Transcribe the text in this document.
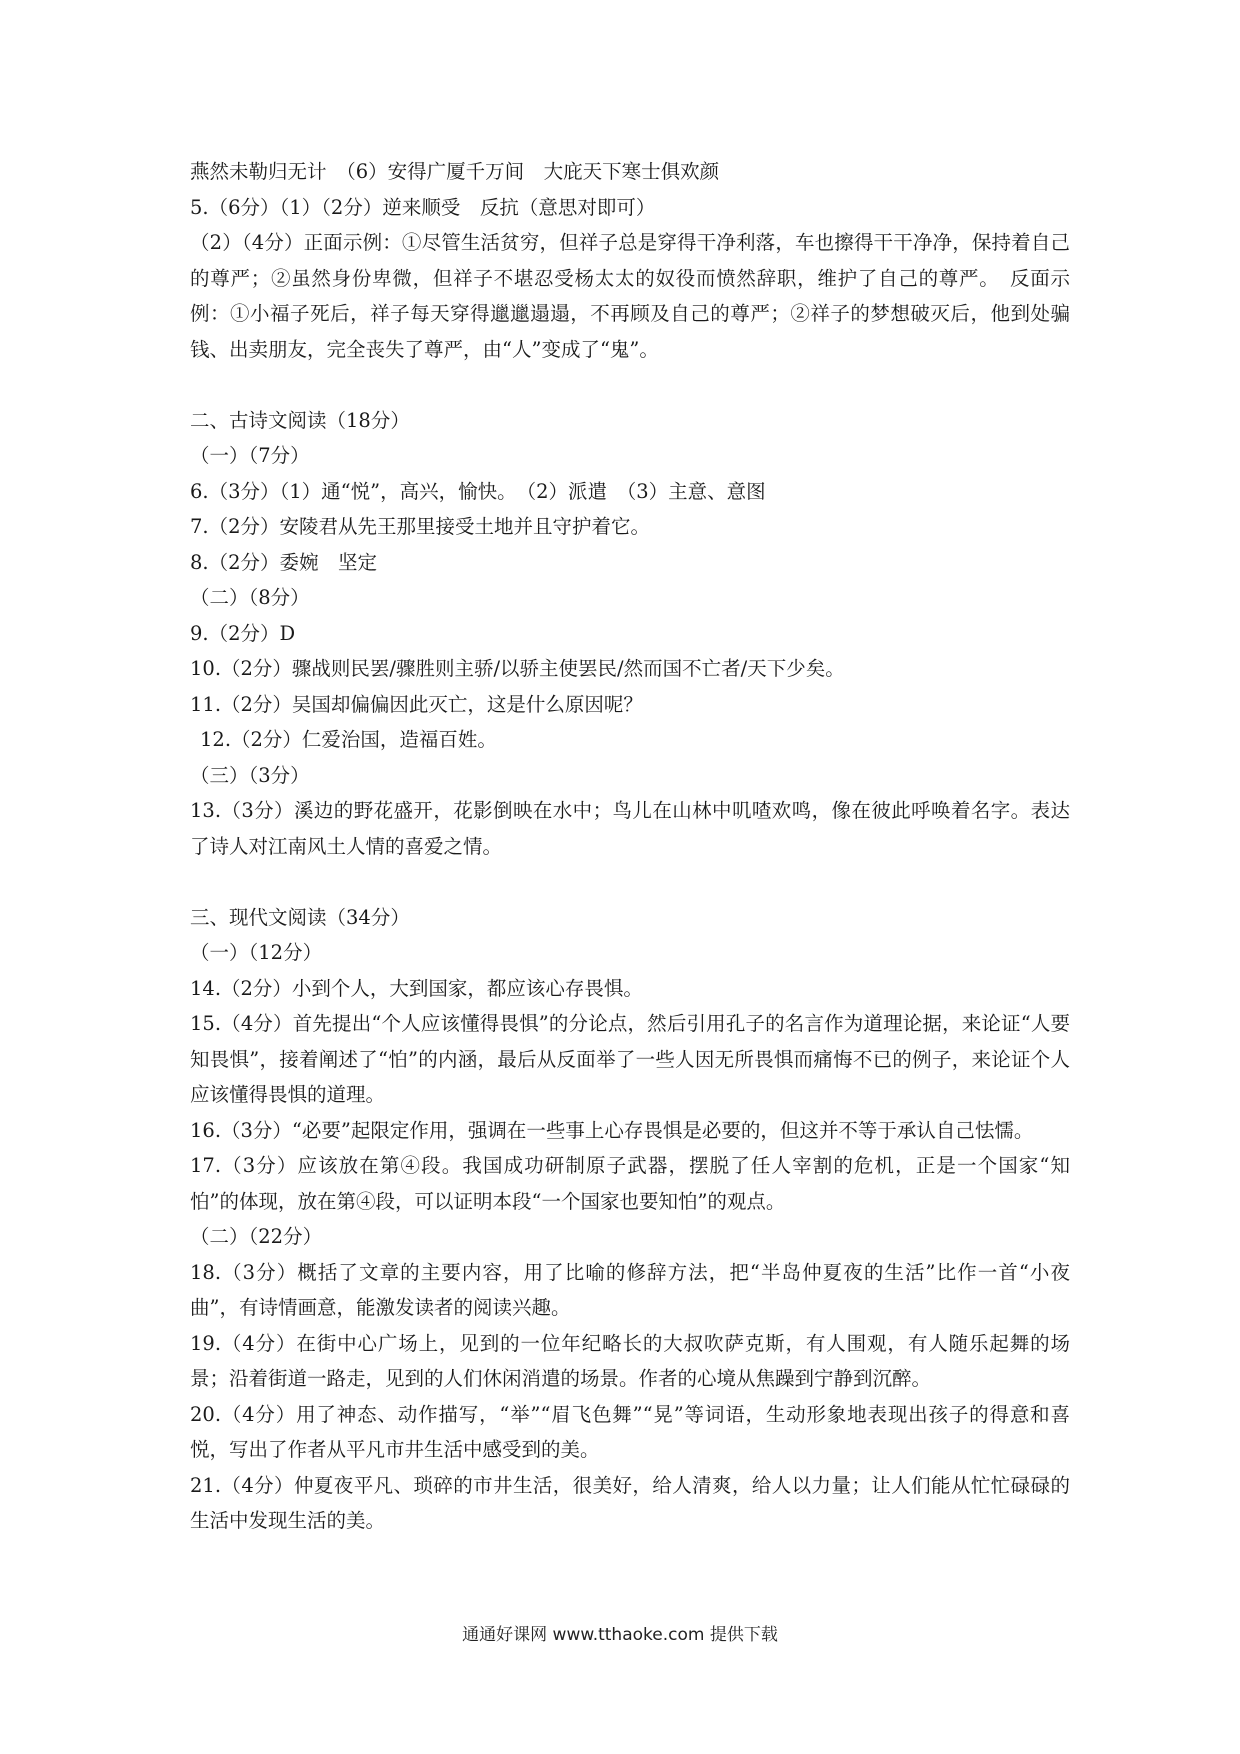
燕然未勒归无计　（6）安得广厦千万间　大庇天下寒士俱欢颜
5.（6分）（1）（2分）逆来顺受　反抗（意思对即可）
（2）（4分）正面示例：①尽管生活贫穷，但祥子总是穿得干净利落，车也擦得干干净净，保持着自己的尊严；②虽然身份卑微，但祥子不堪忍受杨太太的奴役而愤然辞职，维护了自己的尊严。　反面示例：①小福子死后，祥子每天穿得邋邋遢遢，不再顾及自己的尊严；②祥子的梦想破灭后，他到处骗钱、出卖朋友，完全丧失了尊严，由“人”变成了“鬼”。
二、古诗文阅读（18分）
（一）（7分）
6.（3分）（1）通“悦”，高兴，愉快。　（2）派遣　（3）主意、意图
7.（2分）安陵君从先王那里接受土地并且守护着它。
8.（2分）委婉　坚定
（二）（8分）
9.（2分）D
10.（2分）骤战则民罢/骤胜则主骄/以骄主使罢民/然而国不亡者/天下少矣。
11.（2分）吴国却偏偏因此灭亡，这是什么原因呢？
12.（2分）仁爱治国，造福百姓。
（三）（3分）
13.（3分）溪边的野花盛开，花影倒映在水中；鸟儿在山林中叽喳欢鸣，像在彼此呼唤着名字。表达了诗人对江南风土人情的喜爱之情。
三、现代文阅读（34分）
（一）（12分）
14.（2分）小到个人，大到国家，都应该心存畏惧。
15.（4分）首先提出“个人应该懂得畏惧”的分论点，然后引用孔子的名言作为道理论据，来论证“人要知畏惧”，接着阐述了“怕”的内涵，最后从反面举了一些人因无所畏惧而痛悔不已的例子，来论证个人应该懂得畏惧的道理。
16.（3分）“必要”起限定作用，强调在一些事上心存畏惧是必要的，但这并不等于承认自己怯懦。
17.（3分）应该放在第④段。我国成功研制原子武器，摆脱了任人宰割的危机，正是一个国家“知怕”的体现，放在第④段，可以证明本段“一个国家也要知怕”的观点。
（二）（22分）
18.（3分）概括了文章的主要内容，用了比喻的修辞方法，把“半岛仲夏夜的生活”比作一首“小夜曲”，有诗情画意，能激发读者的阅读兴趣。
19.（4分）在街中心广场上，见到的一位年纪略长的大叔吹萨克斯，有人围观，有人随乐起舞的场景；沿着街道一路走，见到的人们休闲消遣的场景。作者的心境从焦躁到宁静到沉醉。
20.（4分）用了神态、动作描写，“举”“眉飞色舞”“晃”等词语，生动形象地表现出孩子的得意和喜悦，写出了作者从平凡市井生活中感受到的美。
21.（4分）仲夏夜平凡、琐碎的市井生活，很美好，给人清爽，给人以力量；让人们能从忙忙碌碌的生活中发现生活的美。
通通好课网 www.tthaoke.com 提供下载
